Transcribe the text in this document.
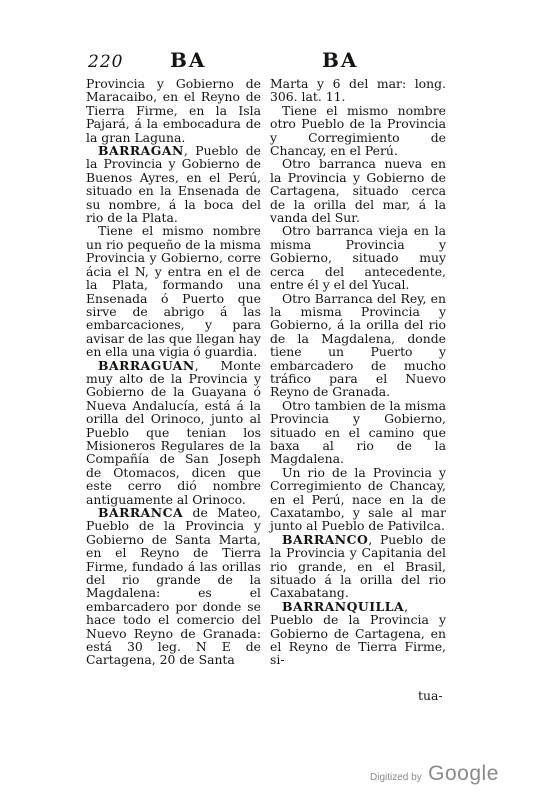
220 BA	BA

Provincia y Gobierno de Maracaibo, en el Reyno de Tierra Firme, en la Isla Pajará, á la embocadura de la gran Laguna.

BARRAGAN, Pueblo de la Provincia y Gobierno de Buenos Ayres, en el Perú, situado en la Ensenada de su nombre, á la boca del rio de la Plata.

Tiene el mismo nombre un rio pequeño de la misma Provincia y Gobierno, corre ácia el N, y entra en el de la Plata, formando una Ensenada ó Puerto que sirve de abrigo á las embarcaciones, y para avisar de las que llegan hay en ella una vigia ó guardia.

BARRAGUAN, Monte muy alto de la Provincia y Gobierno de la Guayana ó Nueva Andalucía, está á la orilla del Orinoco, junto al Pueblo que tenian los Misioneros Regulares de la Compañía de San Joseph de Otomacos, dicen que este cerro dió nombre antiguamente al Orinoco.

BARRANCA de Mateo, Pueblo de la Provincia y Gobierno de Santa Marta, en el Reyno de Tierra Firme, fundado á las orillas del rio grande de la Magdalena: es el embarcadero por donde se hace todo el comercio del Nuevo Reyno de Granada: está 30 leg. N E de Cartagena, 20 de Santa

Marta y 6 del mar: long. 306. lat. 11.

Tiene el mismo nombre otro Pueblo de la Provincia y Corregimiento de Chancay, en el Perú.

Otro barranca nueva en la Provincia y Gobierno de Cartagena, situado cerca de la orilla del mar, á la vanda del Sur.

Otro barranca vieja en la misma Provincia y Gobierno, situado muy cerca del antecedente, entre él y el del Yucal.

Otro Barranca del Rey, en la misma Provincia y Gobierno, á la orilla del rio de la Magdalena, donde tiene un Puerto y embarcadero de mucho tráfico para el Nuevo Reyno de Granada.

Otro tambien de la misma Provincia y Gobierno, situado en el camino que baxa al rio de la Magdalena.

Un rio de la Provincia y Corregimiento de Chancay, en el Perú, nace en la de Caxatambo, y sale al mar junto al Pueblo de Pativilca.

BARRANCO, Pueblo de la Provincia y Capitania del rio grande, en el Brasil, situado á la orilla del rio Caxabatang.

BARRANQUILLA, Pueblo de la Provincia y Gobierno de Cartagena, en el Reyno de Tierra Firme, si-

tua-
Digitized by Google
